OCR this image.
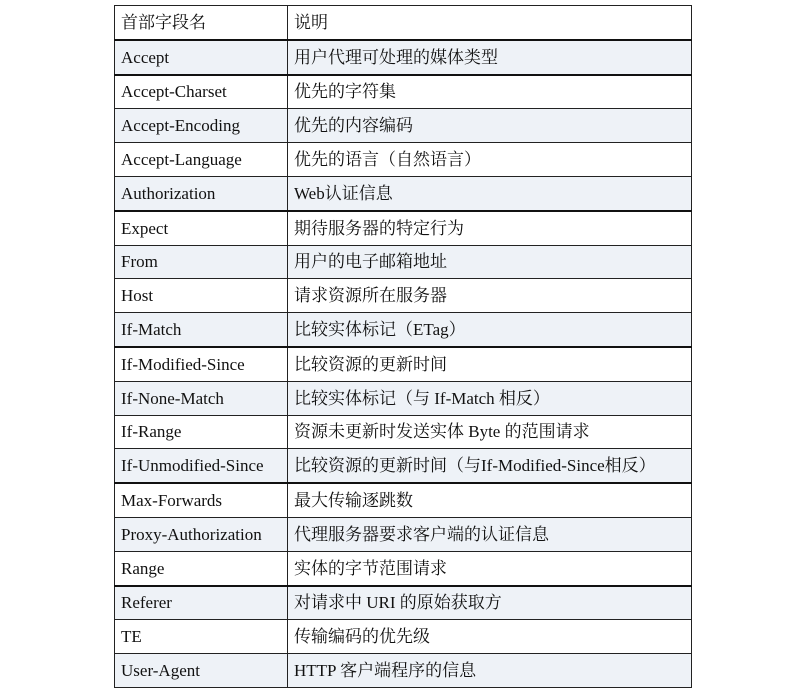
首部字段名	说明
Accept	用户代理可处理的媒体类型
Accept-Charset	优先的字符集
Accept-Encoding	优先的内容编码
Accept-Language	优先的语言（自然语言）
Authorization	Web认证信息
Expect	期待服务器的特定行为
From	用户的电子邮箱地址
Host	请求资源所在服务器
If-Match	比较实体标记（ETag）
If-Modified-Since	比较资源的更新时间
If-None-Match	比较实体标记（与 If-Match 相反）
If-Range	资源未更新时发送实体 Byte 的范围请求
If-Unmodified-Since	比较资源的更新时间（与If-Modified-Since相反）
Max-Forwards	最大传输逐跳数
Proxy-Authorization	代理服务器要求客户端的认证信息
Range	实体的字节范围请求
Referer	对请求中 URI 的原始获取方
TE	传输编码的优先级
User-Agent	HTTP 客户端程序的信息
